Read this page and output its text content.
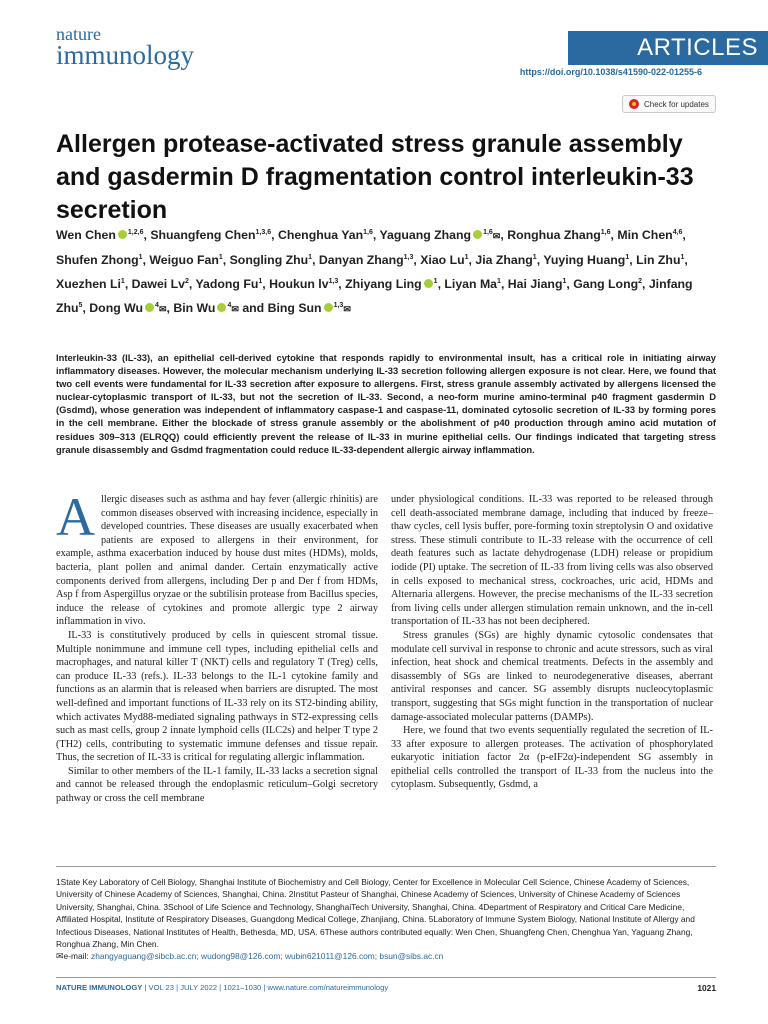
nature
immunology	ARTICLES
https://doi.org/10.1038/s41590-022-01255-6
Check for updates
Allergen protease-activated stress granule assembly and gasdermin D fragmentation control interleukin-33 secretion
Wen Chen $^{1,2,6}$, Shuangfeng Chen$^{1,3,6}$, Chenghua Yan$^{1,6}$, Yaguang Zhang $^{1,6}$✉, Ronghua Zhang$^{1,6}$, Min Chen$^{4,6}$, Shufen Zhong$^1$, Weiguo Fan$^1$, Songling Zhu$^1$, Danyan Zhang$^{1,3}$, Xiao Lu$^1$, Jia Zhang$^1$, Yuying Huang$^1$, Lin Zhu$^1$, Xuezhen Li$^1$, Dawei Lv$^2$, Yadong Fu$^1$, Houkun lv$^{1,3}$, Zhiyang Ling $^1$, Liyan Ma$^1$, Hai Jiang$^1$, Gang Long$^2$, Jinfang Zhu$^5$, Dong Wu $^4$✉, Bin Wu $^4$✉ and Bing Sun $^{1,3}$✉
Interleukin-33 (IL-33), an epithelial cell-derived cytokine that responds rapidly to environmental insult, has a critical role in initiating airway inflammatory diseases. However, the molecular mechanism underlying IL-33 secretion following allergen exposure is not clear. Here, we found that two cell events were fundamental for IL-33 secretion after exposure to allergens. First, stress granule assembly activated by allergens licensed the nuclear-cytoplasmic transport of IL-33, but not the secretion of IL-33. Second, a neo-form murine amino-terminal p40 fragment gasdermin D (Gsdmd), whose generation was independent of inflammatory caspase-1 and caspase-11, dominated cytosolic secretion of IL-33 by forming pores in the cell membrane. Either the blockade of stress granule assembly or the abolishment of p40 production through amino acid mutation of residues 309–313 (ELRQQ) could efficiently prevent the release of IL-33 in murine epithelial cells. Our findings indicated that targeting stress granule disassembly and Gsdmd fragmentation could reduce IL-33-dependent allergic airway inflammation.

Allergic diseases such as asthma and hay fever (allergic rhinitis) are common diseases observed with increasing incidence, especially in developed countries. These diseases are usually exacerbated when patients are exposed to allergens in their environment, for example, asthma exacerbation induced by house dust mites (HDMs), molds, bacteria, plant pollen and animal dander. Certain enzymatically active components derived from allergens, including Der p and Der f from HDMs, Asp f from Aspergillus oryzae or the subtilisin protease from Bacillus species, induce the release of cytokines and promote allergic type 2 airway inflammation in vivo.

IL-33 is constitutively produced by cells in quiescent stromal tissue. Multiple nonimmune and immune cell types, including epithelial cells and macrophages, and natural killer T (NKT) cells and regulatory T (Treg) cells, can produce IL-33 (refs.). IL-33 belongs to the IL-1 cytokine family and functions as an alarmin that is released when barriers are disrupted. The most well-defined and important functions of IL-33 rely on its ST2-binding ability, which activates Myd88-mediated signaling pathways in ST2-expressing cells such as mast cells, group 2 innate lymphoid cells (ILC2s) and helper T type 2 (TH2) cells, contributing to systematic immune defenses and tissue repair. Thus, the secretion of IL-33 is critical for regulating allergic inflammation.

Similar to other members of the IL-1 family, IL-33 lacks a secretion signal and cannot be released through the endoplasmic reticulum–Golgi secretory pathway or cross the cell membrane

under physiological conditions. IL-33 was reported to be released through cell death-associated membrane damage, including that induced by freeze–thaw cycles, cell lysis buffer, pore-forming toxin streptolysin O and oxidative stress. These stimuli contribute to IL-33 release with the occurrence of cell death features such as lactate dehydrogenase (LDH) release or propidium iodide (PI) uptake. The secretion of IL-33 from living cells was also observed in cells exposed to mechanical stress, cockroaches, uric acid, HDMs and Alternaria allergens. However, the precise mechanisms of the IL-33 secretion from living cells under allergen stimulation remain unknown, and the in-cell transportation of IL-33 has not been deciphered.

Stress granules (SGs) are highly dynamic cytosolic condensates that modulate cell survival in response to chronic and acute stressors, such as viral infection, heat shock and chemical treatments. Defects in the assembly and disassembly of SGs are linked to neurodegenerative diseases, aberrant antiviral responses and cancer. SG assembly disrupts nucleocytoplasmic transport, suggesting that SGs might function in the transportation of nuclear damage-associated molecular patterns (DAMPs).

Here, we found that two events sequentially regulated the secretion of IL-33 after exposure to allergen proteases. The activation of phosphorylated eukaryotic initiation factor 2α (p-eIF2α)-independent SG assembly in epithelial cells controlled the transport of IL-33 from the nucleus into the cytoplasm. Subsequently, Gsdmd, a

1State Key Laboratory of Cell Biology, Shanghai Institute of Biochemistry and Cell Biology, Center for Excellence in Molecular Cell Science, Chinese Academy of Sciences, University of Chinese Academy of Sciences, Shanghai, China. 2Institut Pasteur of Shanghai, Chinese Academy of Sciences, University of Chinese Academy of Sciences University, Shanghai, China. 3School of Life Science and Technology, ShanghaiTech University, Shanghai, China. 4Department of Respiratory and Critical Care Medicine, Affiliated Hospital, Institute of Respiratory Diseases, Guangdong Medical College, Zhanjiang, China. 5Laboratory of Immune System Biology, National Institute of Allergy and Infectious Diseases, National Institutes of Health, Bethesda, MD, USA. 6These authors contributed equally: Wen Chen, Shuangfeng Chen, Chenghua Yan, Yaguang Zhang, Ronghua Zhang, Min Chen.
✉e-mail: zhangyaguang@sibcb.ac.cn; wudong98@126.com; wubin621011@126.com; bsun@sibs.ac.cn
NATURE IMMUNOLOGY | VOL 23 | JULY 2022 | 1021–1030 | www.nature.com/natureimmunology	1021
